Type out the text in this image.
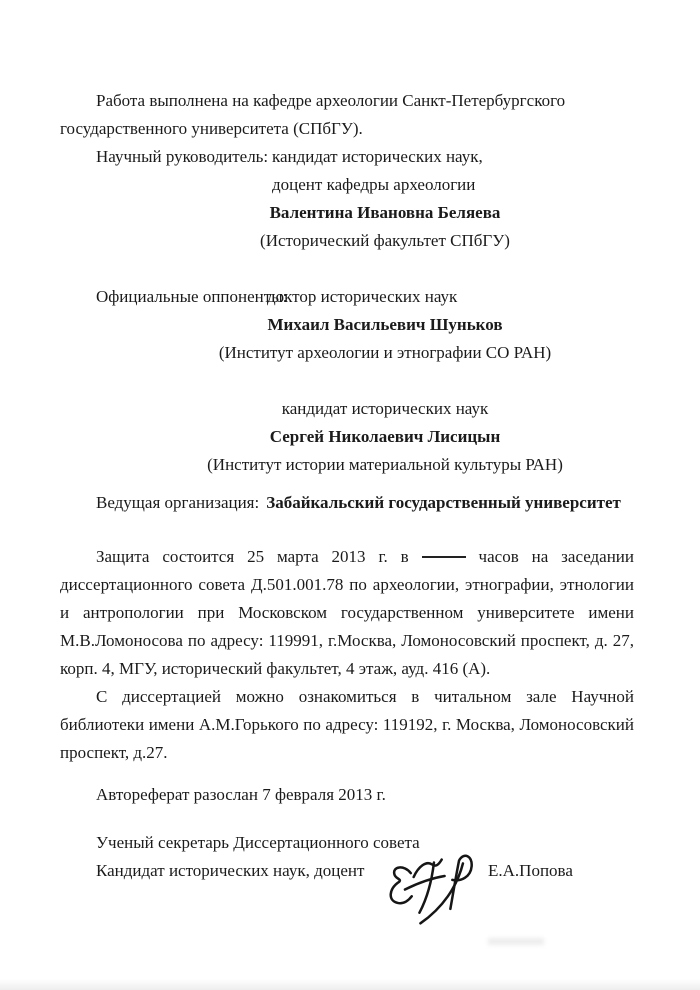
Работа выполнена на кафедре археологии Санкт-Петербургского государственного университета (СПбГУ).

Научный руководитель: кандидат исторических наук,
доцент кафедры археологии
Валентина Ивановна Беляева
(Исторический факультет СПбГУ)
Официальные оппоненты:
доктор исторических наук
Михаил Васильевич Шуньков
(Институт археологии и этнографии СО РАН)
кандидат исторических наук
Сергей Николаевич Лисицын
(Институт истории материальной культуры РАН)

Ведущая организация: Забайкальский государственный университет

Защита состоится 25 марта 2013 г. в	часов на заседании диссертационного совета Д.501.001.78 по археологии, этнографии, этнологии и антропологии при Московском государственном университете имени М.В.Ломоносова по адресу: 119991, г.Москва, Ломоносовский проспект, д. 27, корп. 4, МГУ, исторический факультет, 4 этаж, ауд. 416 (А).

С диссертацией можно ознакомиться в читальном зале Научной библиотеки имени А.М.Горького по адресу: 119192, г. Москва, Ломоносовский проспект, д.27.

Автореферат разослан 7 февраля 2013 г.

Ученый секретарь Диссертационного совета

Кандидат исторических наук, доцент	Е.А.Попова
